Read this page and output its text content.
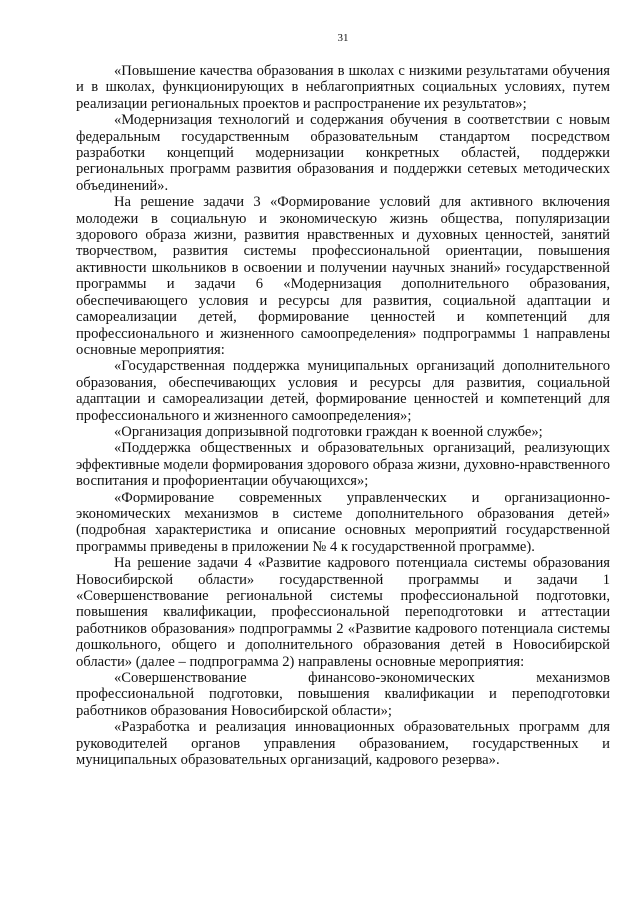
31

«Повышение качества образования в школах с низкими результатами обучения и в школах, функционирующих в неблагоприятных социальных условиях, путем реализации региональных проектов и распространение их результатов»;

«Модернизация технологий и содержания обучения в соответствии с новым федеральным государственным образовательным стандартом посредством разработки концепций модернизации конкретных областей, поддержки региональных программ развития образования и поддержки сетевых методических объединений».

На решение задачи 3 «Формирование условий для активного включения молодежи в социальную и экономическую жизнь общества, популяризации здорового образа жизни, развития нравственных и духовных ценностей, занятий творчеством, развития системы профессиональной ориентации, повышения активности школьников в освоении и получении научных знаний» государственной программы и задачи 6 «Модернизация дополнительного образования, обеспечивающего условия и ресурсы для развития, социальной адаптации и самореализации детей, формирование ценностей и компетенций для профессионального и жизненного самоопределения» подпрограммы 1 направлены основные мероприятия:

«Государственная поддержка муниципальных организаций дополнительного образования, обеспечивающих условия и ресурсы для развития, социальной адаптации и самореализации детей, формирование ценностей и компетенций для профессионального и жизненного самоопределения»;

«Организация допризывной подготовки граждан к военной службе»;

«Поддержка общественных и образовательных организаций, реализующих эффективные модели формирования здорового образа жизни, духовно-нравственного воспитания и профориентации обучающихся»;

«Формирование современных управленческих и организационно-экономических механизмов в системе дополнительного образования детей» (подробная характеристика и описание основных мероприятий государственной программы приведены в приложении № 4 к государственной программе).

На решение задачи 4 «Развитие кадрового потенциала системы образования Новосибирской области» государственной программы и задачи 1 «Совершенствование региональной системы профессиональной подготовки, повышения квалификации, профессиональной переподготовки и аттестации работников образования» подпрограммы 2 «Развитие кадрового потенциала системы дошкольного, общего и дополнительного образования детей в Новосибирской области» (далее – подпрограмма 2) направлены основные мероприятия:

«Совершенствование финансово-экономических механизмов профессиональной подготовки, повышения квалификации и переподготовки работников образования Новосибирской области»;

«Разработка и реализация инновационных образовательных программ для руководителей органов управления образованием, государственных и муниципальных образовательных организаций, кадрового резерва».
